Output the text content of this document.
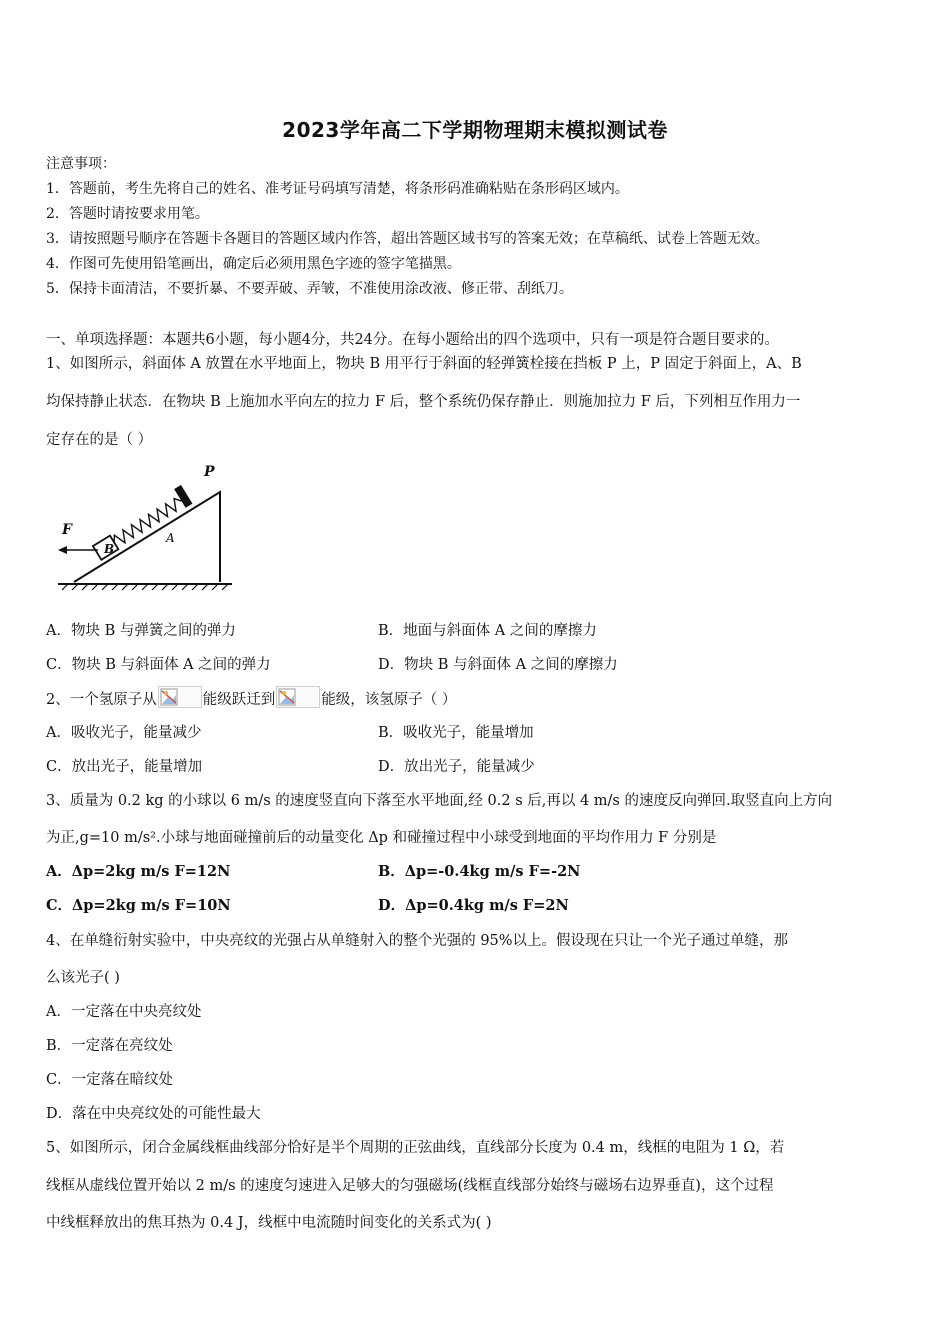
2023学年高二下学期物理期末模拟测试卷
注意事项：
1．答题前，考生先将自己的姓名、准考证号码填写清楚，将条形码准确粘贴在条形码区域内。
2．答题时请按要求用笔。
3．请按照题号顺序在答题卡各题目的答题区域内作答，超出答题区域书写的答案无效；在草稿纸、试卷上答题无效。
4．作图可先使用铅笔画出，确定后必须用黑色字迹的签字笔描黑。
5．保持卡面清洁，不要折暴、不要弄破、弄皱，不准使用涂改液、修正带、刮纸刀。
一、单项选择题：本题共6小题，每小题4分，共24分。在每小题给出的四个选项中，只有一项是符合题目要求的。
1、如图所示，斜面体 A 放置在水平地面上，物块 B 用平行于斜面的轻弹簧栓接在挡板 P 上，P 固定于斜面上，A、B
均保持静止状态．在物块 B 上施加水平向左的拉力 F 后，整个系统仍保存静止．则施加拉力 F 后，下列相互作用力一
定存在的是（ ）
F
P
B
A
A．物块 B 与弹簧之间的弹力	B．地面与斜面体 A 之间的摩擦力
C．物块 B 与斜面体 A 之间的弹力	D．物块 B 与斜面体 A 之间的摩擦力
2、一个氢原子从	能级跃迁到	能级，该氢原子（ ）
A．吸收光子，能量减少	B．吸收光子，能量增加
C．放出光子，能量增加	D．放出光子，能量减少
3、质量为 0.2 kg 的小球以 6 m/s 的速度竖直向下落至水平地面,经 0.2 s 后,再以 4 m/s 的速度反向弹回.取竖直向上方向
为正,g=10 m/s².小球与地面碰撞前后的动量变化 Δp 和碰撞过程中小球受到地面的平均作用力 F 分别是
A．Δp=2kg m/s F=12N	B．Δp=-0.4kg m/s F=-2N
C．Δp=2kg m/s F=10N	D．Δp=0.4kg m/s F=2N
4、在单缝衍射实验中，中央亮纹的光强占从单缝射入的整个光强的 95%以上。假设现在只让一个光子通过单缝，那
么该光子( )
A．一定落在中央亮纹处
B．一定落在亮纹处
C．一定落在暗纹处
D．落在中央亮纹处的可能性最大
5、如图所示，闭合金属线框曲线部分恰好是半个周期的正弦曲线，直线部分长度为 0.4 m，线框的电阻为 1 Ω，若
线框从虚线位置开始以 2 m/s 的速度匀速进入足够大的匀强磁场(线框直线部分始终与磁场右边界垂直)，这个过程
中线框释放出的焦耳热为 0.4 J，线框中电流随时间变化的关系式为( )
